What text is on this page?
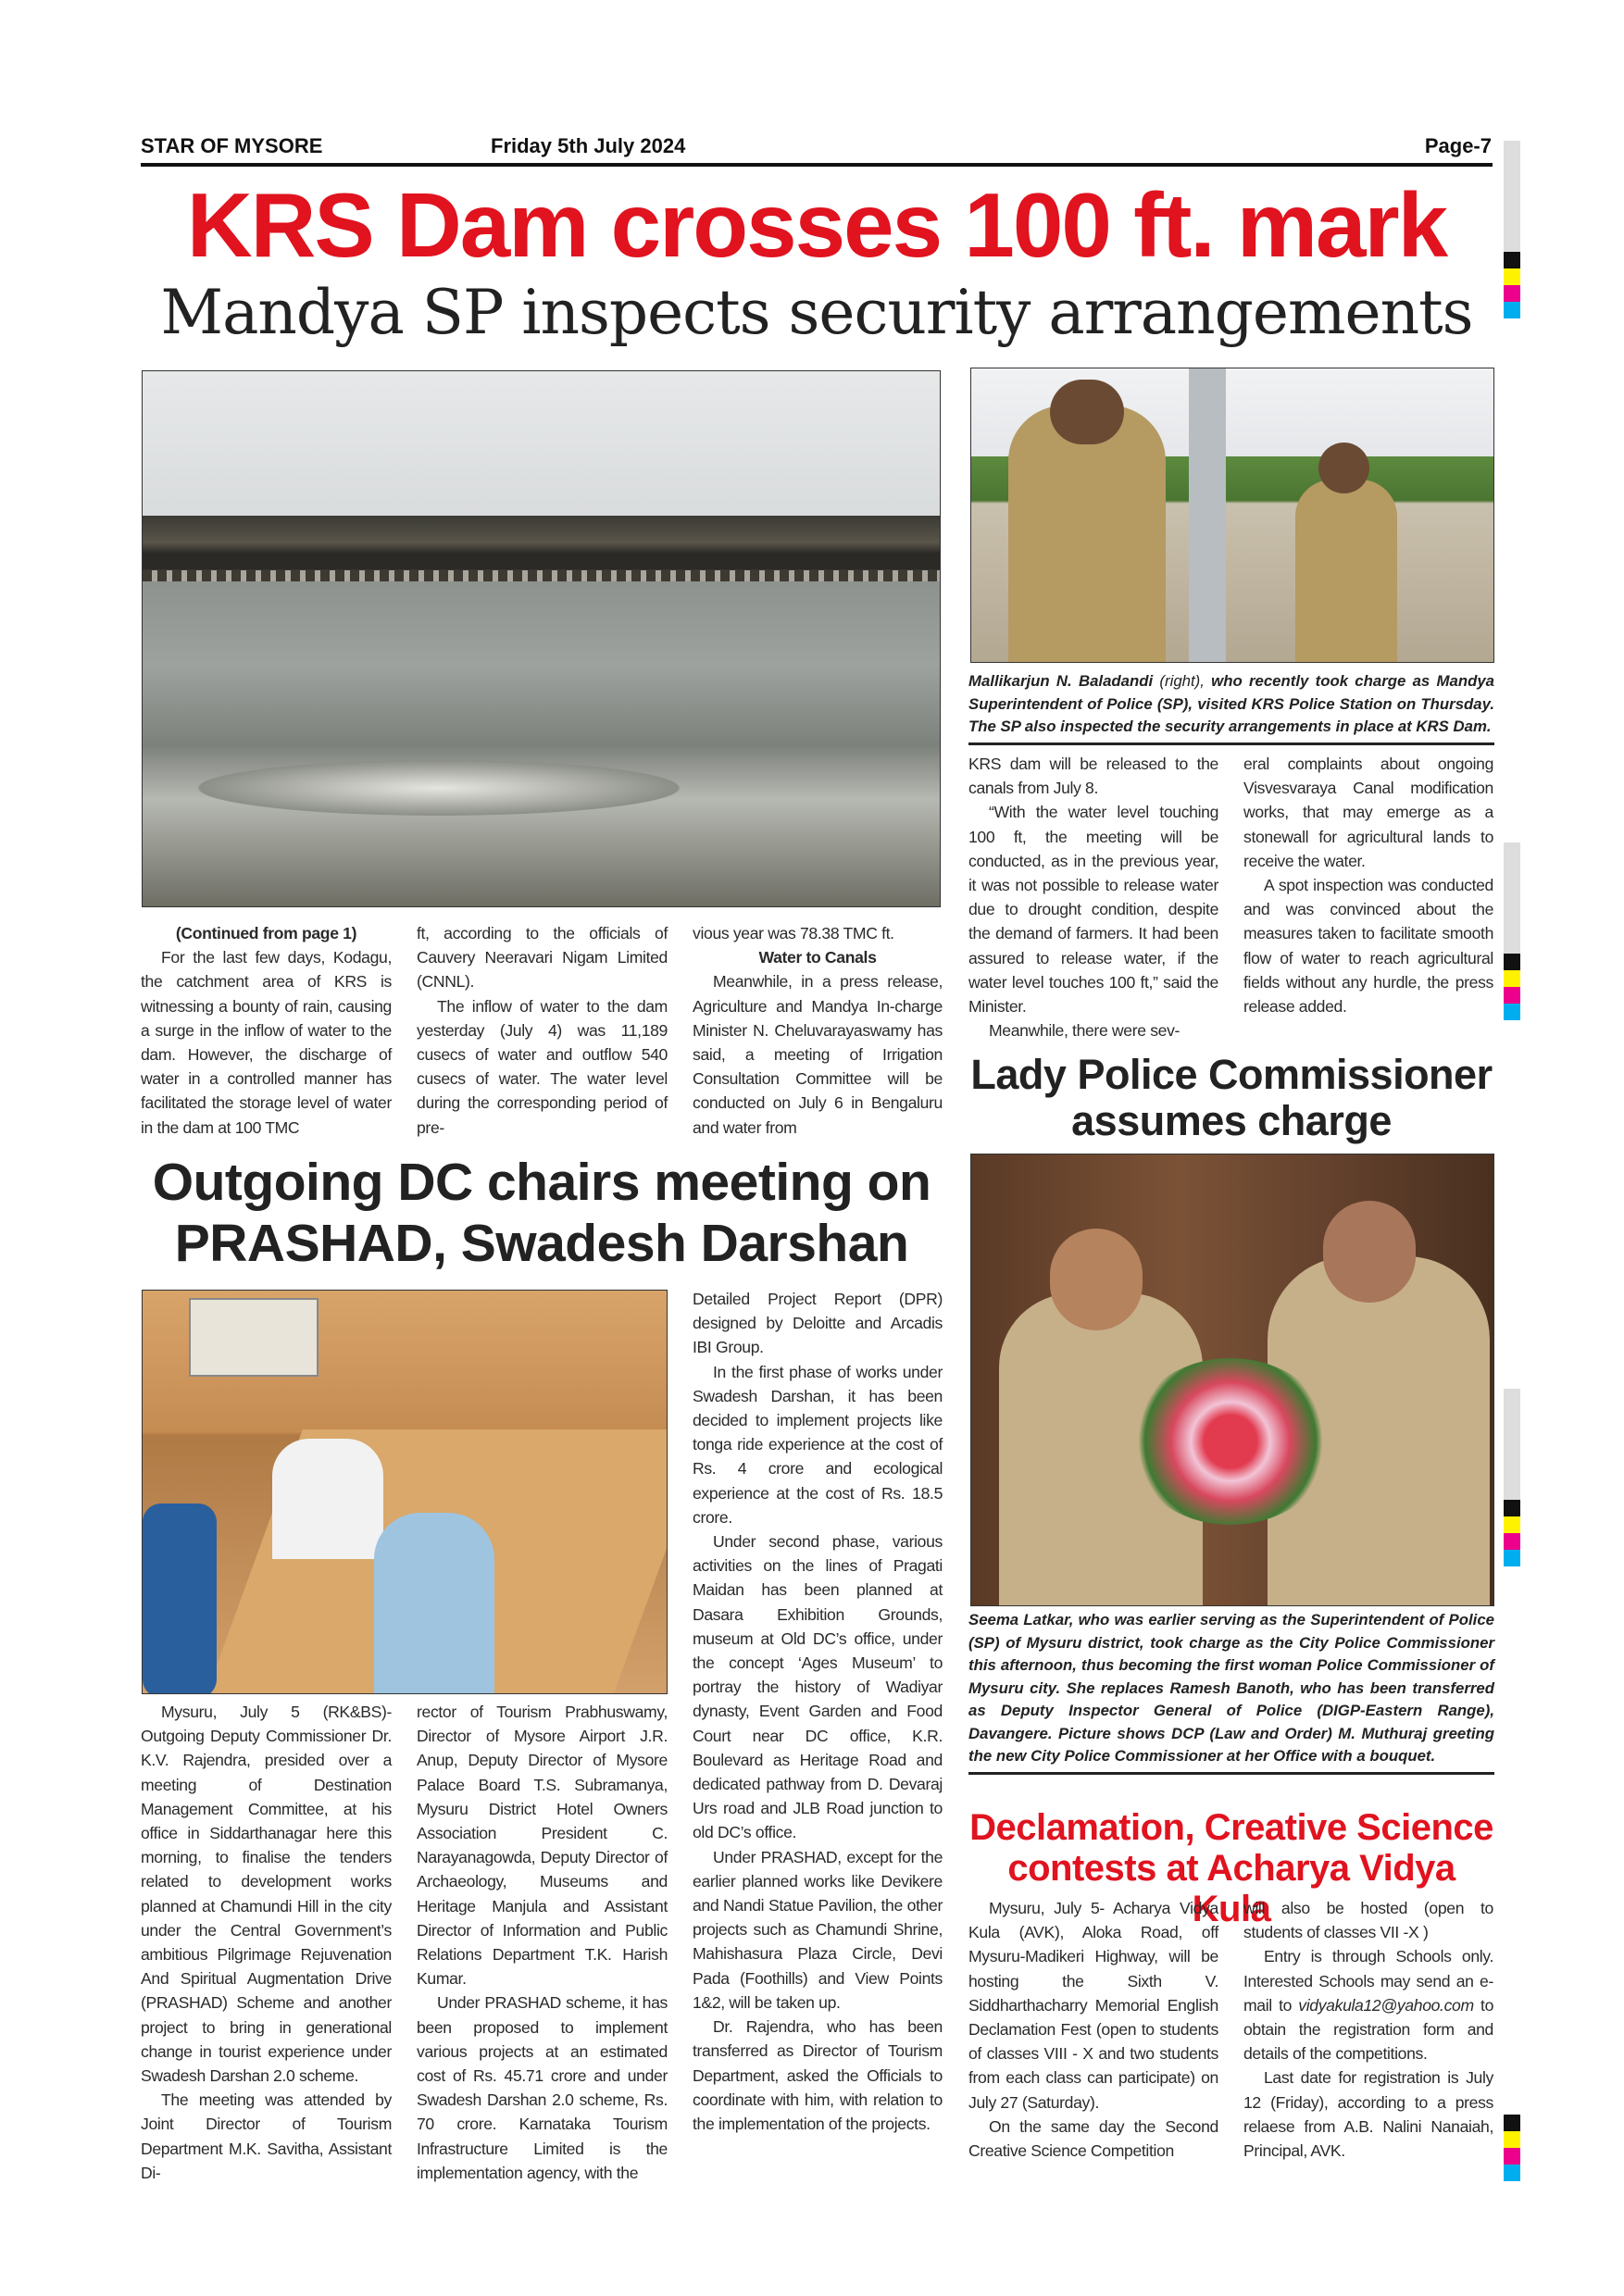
STAR OF MYSORE	Friday 5th July 2024	Page-7
KRS Dam crosses 100 ft. mark
Mandya SP inspects security arrangements
Mallikarjun N. Baladandi (right), who recently took charge as Mandya Superintendent of Police (SP), visited KRS Police Station on Thursday. The SP also inspected the security arrangements in place at KRS Dam.

(Continued from page 1)

For the last few days, Kodagu, the catchment area of KRS is witnessing a bounty of rain, causing a surge in the inflow of water to the dam. However, the discharge of water in a controlled manner has facilitated the storage level of water in the dam at 100 TMC

ft, according to the officials of Cauvery Neeravari Nigam Limited (CNNL).

The inflow of water to the dam yesterday (July 4) was 11,189 cusecs of water and outflow 540 cusecs of water. The water level during the corresponding period of pre-

vious year was 78.38 TMC ft.

Water to Canals

Meanwhile, in a press release, Agriculture and Mandya In-charge Minister N. Cheluvarayaswamy has said, a meeting of Irrigation Consultation Committee will be conducted on July 6 in Bengaluru and water from

KRS dam will be released to the canals from July 8.

“With the water level touching 100 ft, the meeting will be conducted, as in the previous year, it was not possible to release water due to drought condition, despite the demand of farmers. It had been assured to release water, if the water level touches 100 ft,” said the Minister.

Meanwhile, there were sev-

eral complaints about ongoing Visvesvaraya Canal modification works, that may emerge as a stonewall for agricultural lands to receive the water.

A spot inspection was conducted and was convinced about the measures taken to facilitate smooth flow of water to reach agricultural fields without any hurdle, the press release added.

Lady Police Commissioner
assumes charge
Seema Latkar, who was earlier serving as the Superintendent of Police (SP) of Mysuru district, took charge as the City Police Commissioner this afternoon, thus becoming the first woman Police Commissioner of Mysuru city. She replaces Ramesh Banoth, who has been transferred as Deputy Inspector General of Police (DIGP-Eastern Range), Davangere. Picture shows DCP (Law and Order) M. Muthuraj greeting the new City Police Commissioner at her Office with a bouquet.
Declamation, Creative Science
contests at Acharya Vidya Kula

Mysuru, July 5- Acharya Vidya Kula (AVK), Aloka Road, off Mysuru-Madikeri Highway, will be hosting the Sixth V. Siddharthacharry Memorial English Declamation Fest (open to students of classes VIII - X and two students from each class can participate) on July 27 (Saturday).

On the same day the Second Creative Science Competition

will also be hosted (open to students of classes VII -X )

Entry is through Schools only. Interested Schools may send an e-mail to vidyakula12@yahoo.com to obtain the registration form and details of the competitions.

Last date for registration is July 12 (Friday), according to a press relaese from A.B. Nalini Nanaiah, Principal, AVK.

Outgoing DC chairs meeting on
PRASHAD, Swadesh Darshan

Mysuru, July 5 (RK&BS)- Outgoing Deputy Commissioner Dr. K.V. Rajendra, presided over a meeting of Destination Management Committee, at his office in Siddarthanagar here this morning, to finalise the tenders related to development works planned at Chamundi Hill in the city under the Central Government’s ambitious Pilgrimage Rejuvenation And Spiritual Augmentation Drive (PRASHAD) Scheme and another project to bring in generational change in tourist experience under Swadesh Darshan 2.0 scheme.

The meeting was attended by Joint Director of Tourism Department M.K. Savitha, Assistant Di-

rector of Tourism Prabhuswamy, Director of Mysore Airport J.R. Anup, Deputy Director of Mysore Palace Board T.S. Subramanya, Mysuru District Hotel Owners Association President C. Narayanagowda, Deputy Director of Archaeology, Museums and Heritage Manjula and Assistant Director of Information and Public Relations Department T.K. Harish Kumar.

Under PRASHAD scheme, it has been proposed to implement various projects at an estimated cost of Rs. 45.71 crore and under Swadesh Darshan 2.0 scheme, Rs. 70 crore. Karnataka Tourism Infrastructure Limited is the implementation agency, with the

Detailed Project Report (DPR) designed by Deloitte and Arcadis IBI Group.

In the first phase of works under Swadesh Darshan, it has been decided to implement projects like tonga ride experience at the cost of Rs. 4 crore and ecological experience at the cost of Rs. 18.5 crore.

Under second phase, various activities on the lines of Pragati Maidan has been planned at Dasara Exhibition Grounds, museum at Old DC’s office, under the concept ‘Ages Museum’ to portray the history of Wadiyar dynasty, Event Garden and Food Court near DC office, K.R. Boulevard as Heritage Road and dedicated pathway from D. Devaraj Urs road and JLB Road junction to old DC’s office.

Under PRASHAD, except for the earlier planned works like Devikere and Nandi Statue Pavilion, the other projects such as Chamundi Shrine, Mahishasura Plaza Circle, Devi Pada (Foothills) and View Points 1&2, will be taken up.

Dr. Rajendra, who has been transferred as Director of Tourism Department, asked the Officials to coordinate with him, with relation to the implementation of the projects.
